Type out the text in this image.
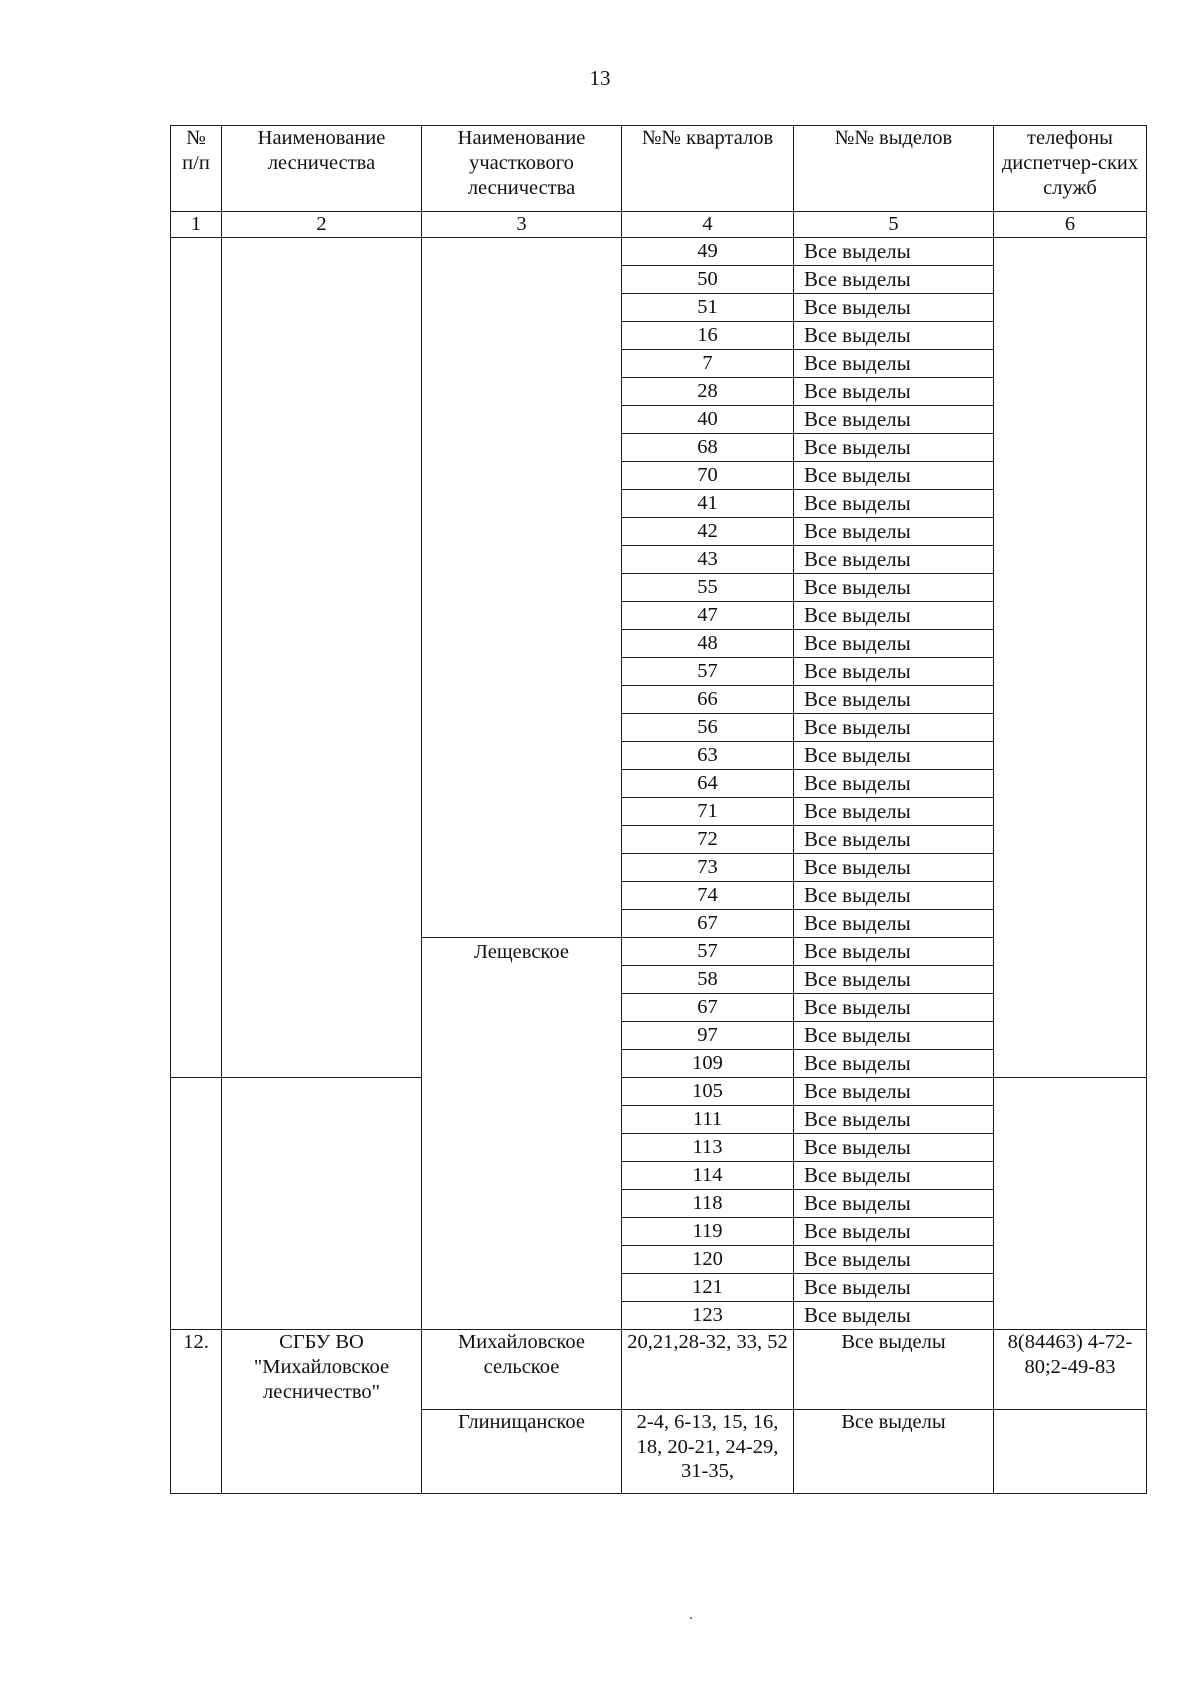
13
№
п/п	Наименование лесничества	Наименование участкового лесничества	№№ кварталов	№№ выделов	телефоны диспетчер-ских служб
1	2	3	4	5	6
			49	Все выделы	
			50	Все выделы	
			51	Все выделы	
			16	Все выделы	
			7	Все выделы	
			28	Все выделы	
			40	Все выделы	
			68	Все выделы	
			70	Все выделы	
			41	Все выделы	
			42	Все выделы	
			43	Все выделы	
			55	Все выделы	
			47	Все выделы	
			48	Все выделы	
			57	Все выделы	
			66	Все выделы	
			56	Все выделы	
			63	Все выделы	
			64	Все выделы	
			71	Все выделы	
			72	Все выделы	
			73	Все выделы	
			74	Все выделы	
			67	Все выделы	
		Лещевское	57	Все выделы	
			58	Все выделы	
			67	Все выделы	
			97	Все выделы	
			109	Все выделы	
			105	Все выделы	
			111	Все выделы	
			113	Все выделы	
			114	Все выделы	
			118	Все выделы	
			119	Все выделы	
			120	Все выделы	
			121	Все выделы	
			123	Все выделы	
12.	СГБУ ВО "Михайловское лесничество"	Михайловское сельское	20,21,28-32, 33, 52	Все выделы	8(84463) 4-72-80;2-49-83
		Глинищанское	2-4, 6-13, 15, 16, 18, 20-21, 24-29, 31-35,	Все выделы	
